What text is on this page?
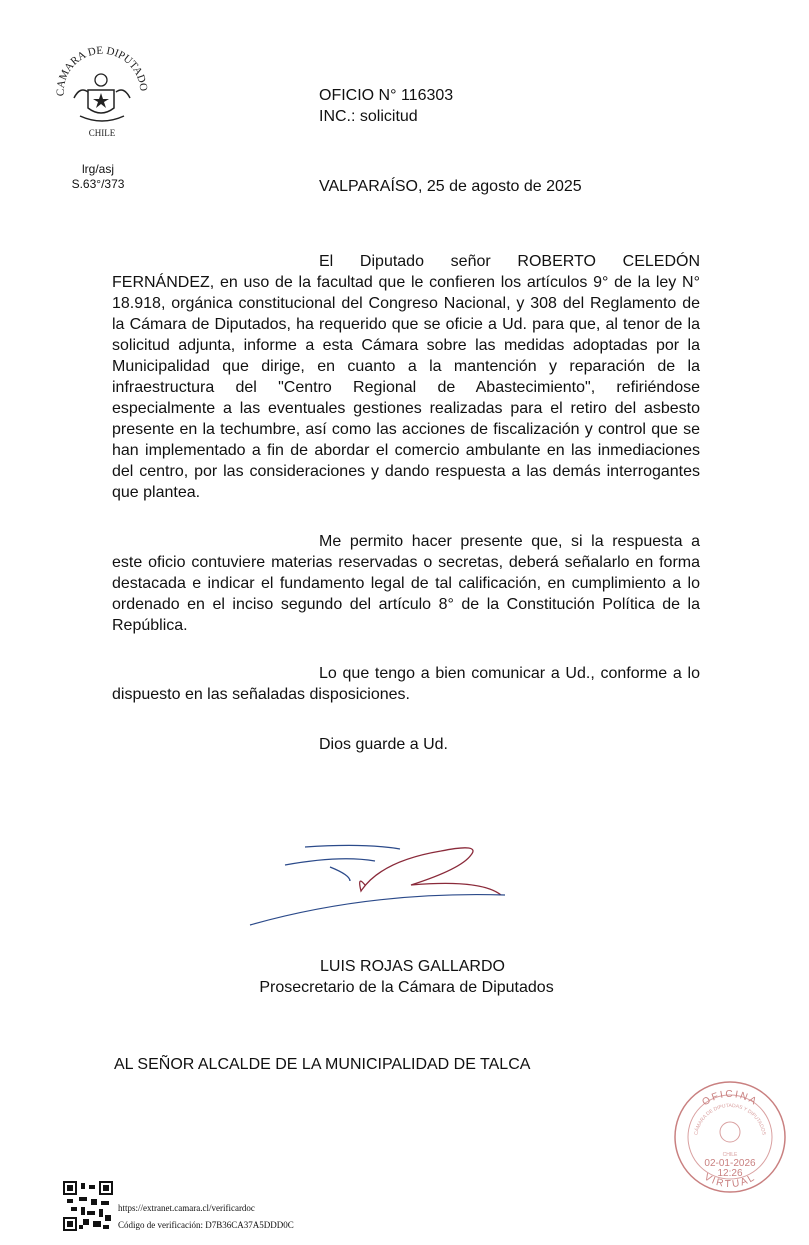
CAMARA DE DIPUTADO
CHILE
lrg/asj
S.63°/373
OFICIO N° 116303
INC.: solicitud
VALPARAÍSO, 25 de agosto de 2025

El Diputado señor ROBERTO CELEDÓN FERNÁNDEZ, en uso de la facultad que le confieren los artículos 9° de la ley N° 18.918, orgánica constitucional del Congreso Nacional, y 308 del Reglamento de la Cámara de Diputados, ha requerido que se oficie a Ud. para que, al tenor de la solicitud adjunta, informe a esta Cámara sobre las medidas adoptadas por la Municipalidad que dirige, en cuanto a la mantención y reparación de la infraestructura del "Centro Regional de Abastecimiento", refiriéndose especialmente a las eventuales gestiones realizadas para el retiro del asbesto presente en la techumbre, así como las acciones de fiscalización y control que se han implementado a fin de abordar el comercio ambulante en las inmediaciones del centro, por las consideraciones y dando respuesta a las demás interrogantes que plantea.

Me permito hacer presente que, si la respuesta a este oficio contuviere materias reservadas o secretas, deberá señalarlo en forma destacada e indicar el fundamento legal de tal calificación, en cumplimiento a lo ordenado en el inciso segundo del artículo 8° de la Constitución Política de la República.

Lo que tengo a bien comunicar a Ud., conforme a lo dispuesto en las señaladas disposiciones.

Dios guarde a Ud.
LUIS ROJAS GALLARDO
Prosecretario de la Cámara de Diputados
AL SEÑOR ALCALDE DE LA MUNICIPALIDAD DE TALCA
OFICINA
VIRTUAL
CÁMARA DE DIPUTADAS Y DIPUTADOS
CHILE
02-01-2026
12:26
https://extranet.camara.cl/verificardoc
Código de verificación: D7B36CA37A5DDD0C
